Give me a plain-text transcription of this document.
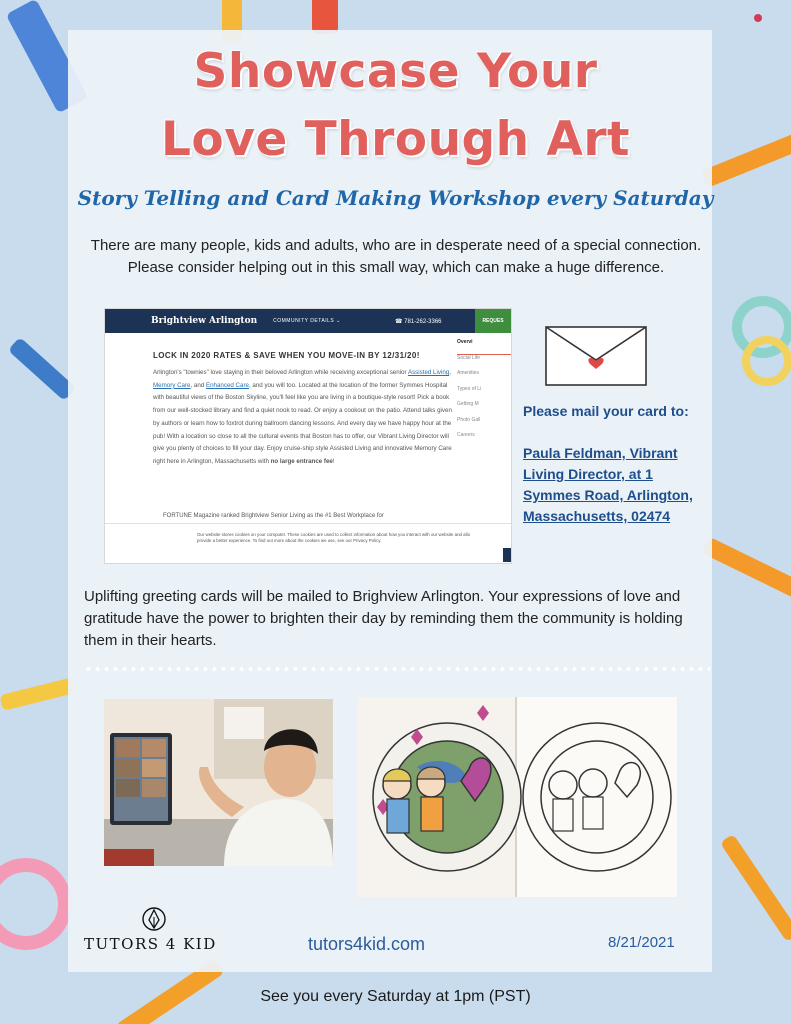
Showcase Your
Love Through Art
Story Telling and Card Making Workshop every Saturday
There are many people, kids and adults, who are in desperate need of a special connection. Please consider helping out in this small way, which can make a huge difference.
Brightview Arlington	COMMUNITY DETAILS ⌄	☎ 781-262-3366	REQUES
LOCK IN 2020 RATES & SAVE WHEN YOU MOVE-IN BY 12/31/20!
Arlington's "townies" love staying in their beloved Arlington while receiving exceptional senior Assisted Living, Memory Care, and Enhanced Care, and you will too. Located at the location of the former Symmes Hospital with beautiful views of the Boston Skyline, you'll feel like you are living in a boutique-style resort! Pick a book from our well-stocked library and find a quiet nook to read. Or enjoy a cookout on the patio. Attend talks given by authors or learn how to foxtrot during ballroom dancing lessons. And every day we have happy hour at the pub! With a location so close to all the cultural events that Boston has to offer, our Vibrant Living Director will give you plenty of choices to fill your day. Enjoy cruise-ship style Assisted Living and innovative Memory Care right here in Arlington, Massachusetts with no large entrance fee!
Overvi
Social Life
Amenities
Types of Li
Getting M
Photo Gall
Careers
FORTUNE Magazine ranked Brightview Senior Living as the #1 Best Workplace for
Our website stores cookies on your computer. These cookies are used to collect information about how you interact with our website and allo
provide a better experience. To find out more about the cookies we use, see our Privacy Policy.
Please mail your card to:
Paula Feldman, Vibrant Living Director, at 1 Symmes Road, Arlington, Massachusetts, 02474
Uplifting greeting cards will be mailed to Brighview Arlington. Your expressions of love and gratitude have the power to brighten their day by reminding them the community is holding them in their hearts.
TUTORS 4 KID	tutors4kid.com	8/21/2021
See you every Saturday at 1pm (PST)
